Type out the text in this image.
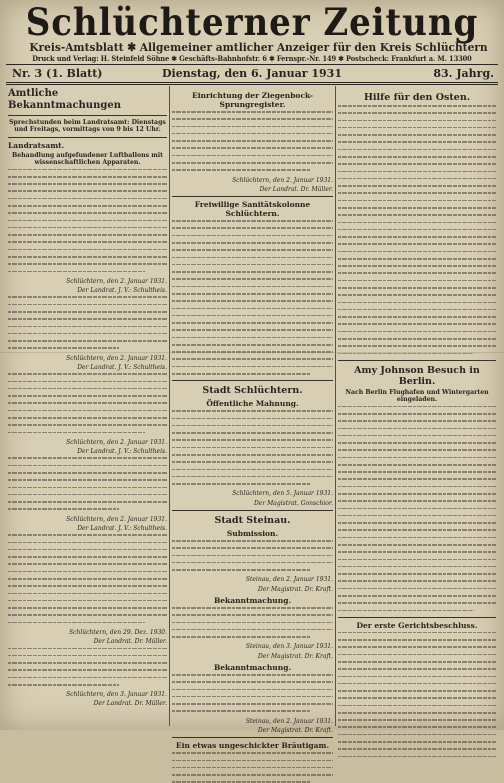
Schlüchterner Zeitung
Kreis-Amtsblatt ✱ Allgemeiner amtlicher Anzeiger für den Kreis Schlüchtern
Druck und Verlag: H. Steinfeld Söhne ✱ Geschäfts-Bahnhofstr. 6 ✱ Fernspr.-Nr. 149 ✱ Postscheck: Frankfurt a. M. 13300
Nr. 3 (1. Blatt)	Dienstag, den 6. Januar 1931	83. Jahrg.
Amtliche Bekanntmachungen
Sprechstunden beim Landratsamt: Dienstags und Freitags, vormittags von 9 bis 12 Uhr.
Landratsamt.
Behandlung aufgefundener Luftballons mit wissenschaftlichen Apparaten.
Schlüchtern, den 2. Januar 1931.
Der Landrat. J. V.: Schultheis.
Schlüchtern, den 2. Januar 1931.
Der Landrat. J. V.: Schultheis.
Schlüchtern, den 2. Januar 1931.
Der Landrat. J. V.: Schultheis.
Schlüchtern, den 2. Januar 1931.
Der Landrat. J. V.: Schultheis.
Schlüchtern, den 29. Dez. 1930.
Der Landrat. Dr. Müller.
Schlüchtern, den 3. Januar 1931.
Der Landrat. Dr. Müller.
Einrichtung der Ziegenbock-Sprungregister.
Schlüchtern, den 2. Januar 1931.
Der Landrat. Dr. Müller.
Freiwillige Sanitätskolonne Schlüchtern.
Stadt Schlüchtern.
Öffentliche Mahnung.
Schlüchtern, den 5. Januar 1931.
Der Magistrat. Gonschior.
Stadt Steinau.
Submission.
Steinau, den 2. Januar 1931.
Der Magistrat. Dr. Kraft.
Bekanntmachung.
Steinau, den 3. Januar 1931.
Der Magistrat. Dr. Kraft.
Bekanntmachung.
Steinau, den 2. Januar 1931.
Der Magistrat. Dr. Kraft.
Ein etwas ungeschickter Bräutigam.
Hilfe für den Osten.
Amy Johnson Besuch in Berlin.
Nach Berlin Flughafen und Wintergarten eingeladen.
Der erste Gerichtsbeschluss.
